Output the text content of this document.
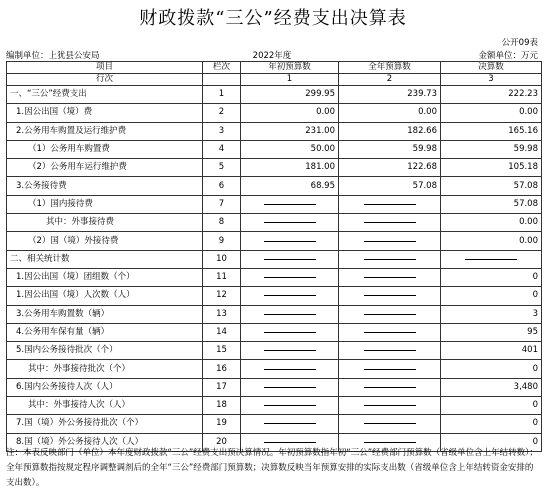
财政拨款“三公”经费支出决算表
公开09表
编制单位：上犹县公安局	2022年度	金额单位：万元
项目	栏次	年初预算数	全年预算数	决算数
行次		1	2	3
一、“三公”经费支出	1	299.95	239.73	222.23
1.因公出国（境）费	2	0.00	0.00	0.00
2.公务用车购置及运行维护费	3	231.00	182.66	165.16
（1）公务用车购置费	4	50.00	59.98	59.98
（2）公务用车运行维护费	5	181.00	122.68	105.18
3.公务接待费	6	68.95	57.08	57.08
（1）国内接待费	7			57.08
其中：外事接待费	8			0.00
（2）国（境）外接待费	9			0.00
二、相关统计数	10	

1.因公出国（境）团组数（个）	11			0
1.因公出国（境）人次数（人）	12			0
3.公务用车购置数（辆）	13			3
4.公务用车保有量（辆）	14			95
5.国内公务接待批次（个）	15			401
其中：外事接待批次（个）	16			0
6.国内公务接待人次（人）	17			3,480
其中：外事接待人次（人）	18			0
7.国（境）外公务接待批次（个）	19			0
8.国（境）外公务接待人次（人）	20			0
注：本表反映部门（单位）本年度财政拨款“三公”经费支出预决算情况。年初预算数指年初“三公”经费部门预算数（省级单位含上年结转数）；全年预算数指按规定程序调整调剂后的全年“三公”经费部门预算数；决算数反映当年预算安排的实际支出数（省级单位含上年结转资金安排的支出数）。
